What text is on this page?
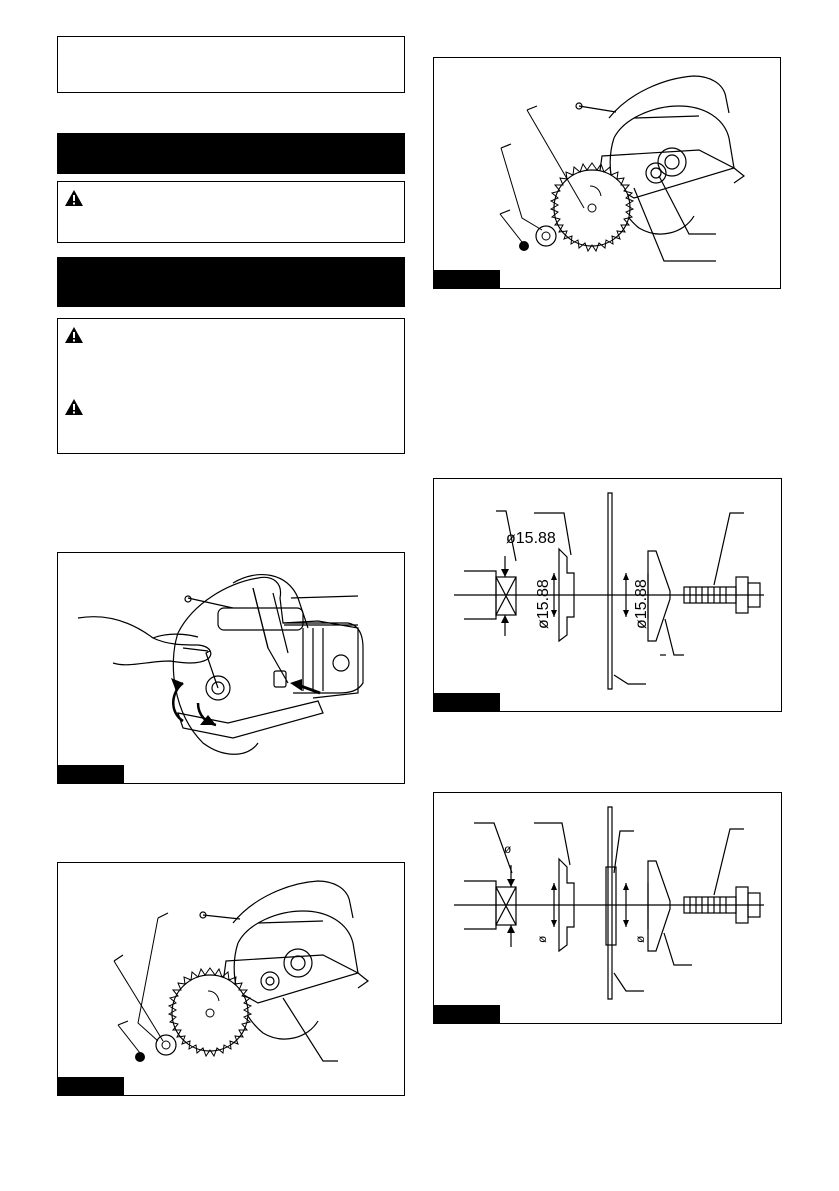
ø15.88
ø15.88	ø15.88
ø
ø	ø
